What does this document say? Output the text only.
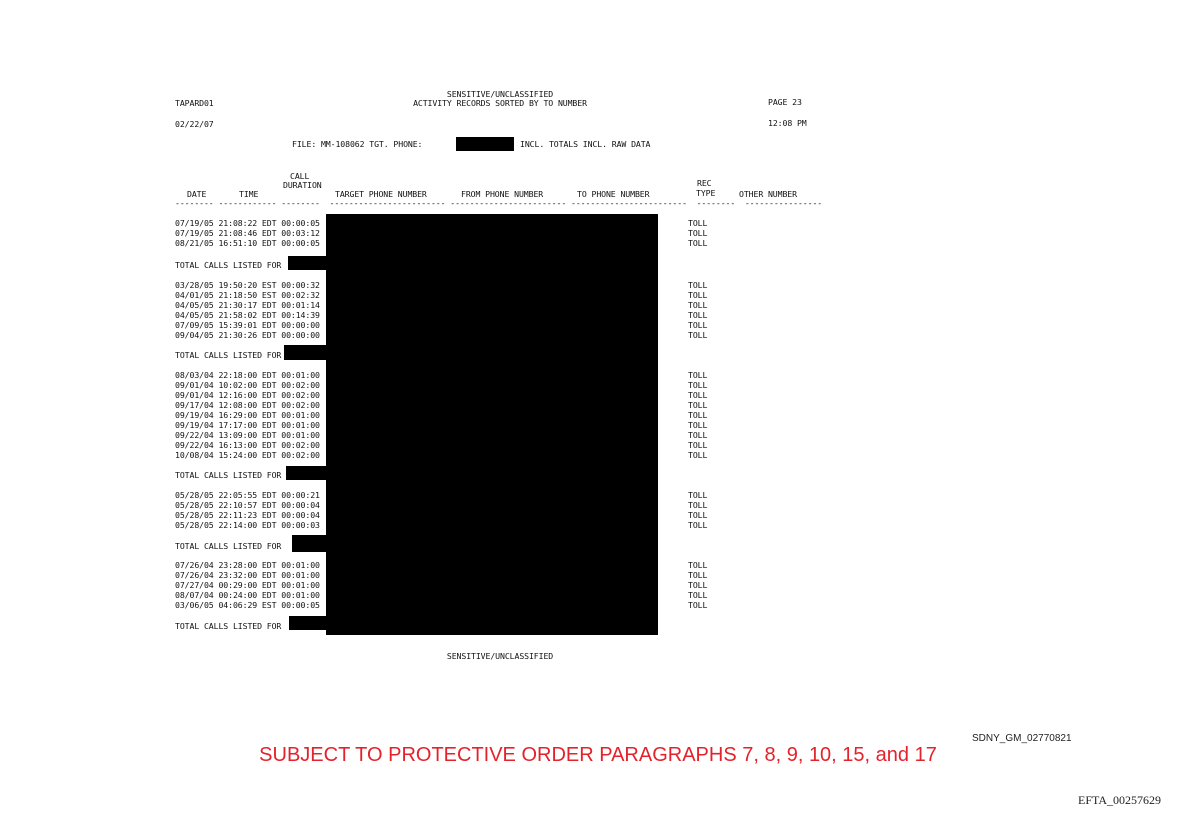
SENSITIVE/UNCLASSIFIED
ACTIVITY RECORDS SORTED BY TO NUMBER
TAPARD01	PAGE 23
02/22/07	12:08 PM
FILE: MM-108062 TGT. PHONE:	INCL. TOTALS INCL. RAW DATA
CALL
DURATION
DATE	TIME	TARGET PHONE NUMBER	FROM PHONE NUMBER	TO PHONE NUMBER
REC
TYPE	OTHER NUMBER
-------- ------------ --------  ------------------------ ------------------------ ------------------------  --------  ----------------
07/19/05 21:08:22 EDT 00:00:05	TOLL
07/19/05 21:08:46 EDT 00:03:12	TOLL
08/21/05 16:51:10 EDT 00:00:05	TOLL
TOTAL CALLS LISTED FOR
03/28/05 19:50:20 EST 00:00:32	TOLL
04/01/05 21:18:50 EST 00:02:32	TOLL
04/05/05 21:30:17 EDT 00:01:14	TOLL
04/05/05 21:58:02 EDT 00:14:39	TOLL
07/09/05 15:39:01 EDT 00:00:00	TOLL
09/04/05 21:30:26 EDT 00:00:00	TOLL
TOTAL CALLS LISTED FOR
08/03/04 22:18:00 EDT 00:01:00	TOLL
09/01/04 10:02:00 EDT 00:02:00	TOLL
09/01/04 12:16:00 EDT 00:02:00	TOLL
09/17/04 12:08:00 EDT 00:02:00	TOLL
09/19/04 16:29:00 EDT 00:01:00	TOLL
09/19/04 17:17:00 EDT 00:01:00	TOLL
09/22/04 13:09:00 EDT 00:01:00	TOLL
09/22/04 16:13:00 EDT 00:02:00	TOLL
10/08/04 15:24:00 EDT 00:02:00	TOLL
TOTAL CALLS LISTED FOR
05/28/05 22:05:55 EDT 00:00:21	TOLL
05/28/05 22:10:57 EDT 00:00:04	TOLL
05/28/05 22:11:23 EDT 00:00:04	TOLL
05/28/05 22:14:00 EDT 00:00:03	TOLL
TOTAL CALLS LISTED FOR
07/26/04 23:28:00 EDT 00:01:00	TOLL
07/26/04 23:32:00 EDT 00:01:00	TOLL
07/27/04 00:29:00 EDT 00:01:00	TOLL
08/07/04 00:24:00 EDT 00:01:00	TOLL
03/06/05 04:06:29 EST 00:00:05	TOLL
TOTAL CALLS LISTED FOR
SENSITIVE/UNCLASSIFIED
SDNY_GM_02770821
SUBJECT TO PROTECTIVE ORDER PARAGRAPHS 7, 8, 9, 10, 15, and 17
EFTA_00257629
